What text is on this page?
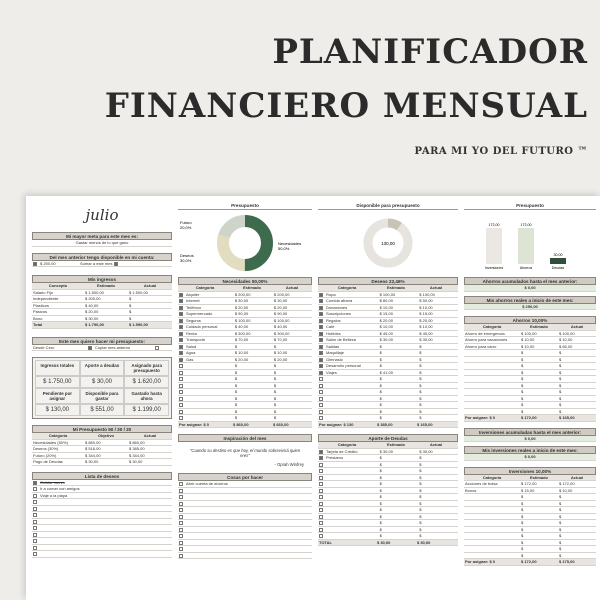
PLANIFICADOR
FINANCIERO MENSUAL
PARA MI YO DEL FUTURO ™
julio
Mi mayor meta para este mes es:
Gastar menos de lo que gano
Del mes anterior tengo disponible en mi cuenta:
$ 250,00	Sumar a este mes
Mis ingresos
Concepto	Estimado	Actual
Salario Fijo	$ 1.500,00	$ 1.500,00
Independiente	$ 200,00	$
Plasticos	$ 40,00	$
Pasivos	$ 20,00	$
Bono	$ 30,00	$
Total	$ 1.790,00	$ 1.590,00
Este mes quiero hacer mi presupuesto:
Desde Cero	Copiar mes anterior
Ingresos totales	Aporte a deudas	Asignado para presupuesto
$ 1.750,00	$ 30,00	$ 1.620,00
Pendiente por asignar
Disponible para gastar
Gastado hasta ahora
$ 130,00	$ 551,00	$ 1.199,00
Mi Presupuesto 50 / 30 / 20
Categoría	Objetivo	Actual
Necesidades (50%)	$ 860,00	$ 860,00
Deseos (30%)	$ 516,00	$ 385,00
Futuro (20%)	$ 344,00	$ 344,00
Pago de Deudas	$ 30,00	$ 30,00
Lista de deseos
Celular nuevo
Ir a comer con amigos
Viaje a la playa
Presupuesto
Futuro
20,0%
Deseos
30,0%
Necesidades
50,0%
Necesidades 50,00%
Categoría	Estimado	Actual
Alquiler	$ 200,00	$ 200,00
Internet	$ 30,00	$ 30,00
Teléfono	$ 20,00	$ 20,00
Supermercado	$ 90,00	$ 90,00
Seguros	$ 100,00	$ 100,00
Cuidado personal	$ 40,00	$ 40,00
Renta	$ 300,00	$ 300,00
Transporte	$ 70,00	$ 70,00
Salud	$	$
Agua	$ 10,00	$ 10,00
Gas	$ 20,00	$ 20,00
$	$
$	$
$	$
$	$
$	$
$	$
$	$
$	$
$	$
Por asignar: $ 0	$ 860,00	$ 660,00
Inspiración del mes
"Cuando su destino es que hoy, el mundo sobrevivirá quien eres"
- Oprah Winfrey
Cosas por hacer
Abrir cuenta de ahorros
Disponible para presupuesto
130,00
Deseos 22,46%
Categoría	Estimado	Actual
Ropa	$ 100,00	$ 100,00
Comida afuera	$ 80,00	$ 50,00
Donaciones	$ 10,00	$ 10,00
Suscripciones	$ 15,00	$ 15,00
Regalos	$ 20,00	$ 20,00
Café	$ 10,00	$ 10,00
Hobbies	$ 45,00	$ 45,00
Salón de Belleza	$ 30,00	$ 30,00
Salidas	$	$
Maquillaje	$	$
Gimnasio	$	$
Desarrollo personal	$	$
Viajes	$ 41,00	$
$	$
$	$
$	$
$	$
$	$
$	$
$	$
Por asignar: $ 130	$ 385,00	$ 165,00
Aporte de Deudas
Categoría	Estimado	Actual
Tarjeta de Crédito	$ 30,00	$ 30,00
Préstamo	$	$
$	$
$	$
$	$
$	$
$	$
$	$
$	$
$	$
$	$
$	$
$	$
$	$
TOTAL	$ 30,00	$ 30,00
Presupuesto
172,00	172,00
30,00
Inversiones	Ahorros	Deudas
Ahorros acumulados hasta el mes anterior:
$ 0,00
Mis ahorros reales a inicio de este mes:
$ 250,00
Ahorros 10,00%
Categoría	Estimado	Actual
Ahorro de emergencia	$ 100,00	$ 100,00
Ahorro para vacaciones	$ 10,00	$ 10,00
Ahorro para carro	$ 10,00	$ 65,00
$	$
$	$
$	$
$	$
$	$
$	$
$	$
$	$
$	$
$	$
Por asignar: $ 0	$ 172,00	$ 165,00
Inversiones acumuladas hasta el mes anterior:
$ 0,00
Mis inversiones reales a inicio de este mes:
$ 0,00
Inversiones 10,00%
Categoría	Estimado	Actual
Acciones de bolsa	$ 172,00	$ 172,00
Bonos	$ 15,00	$ 10,00
$	$
$	$
$	$
$	$
$	$
$	$
$	$
$	$
$	$
$	$
Por asignar: $ 0	$ 172,00	$ 175,00
